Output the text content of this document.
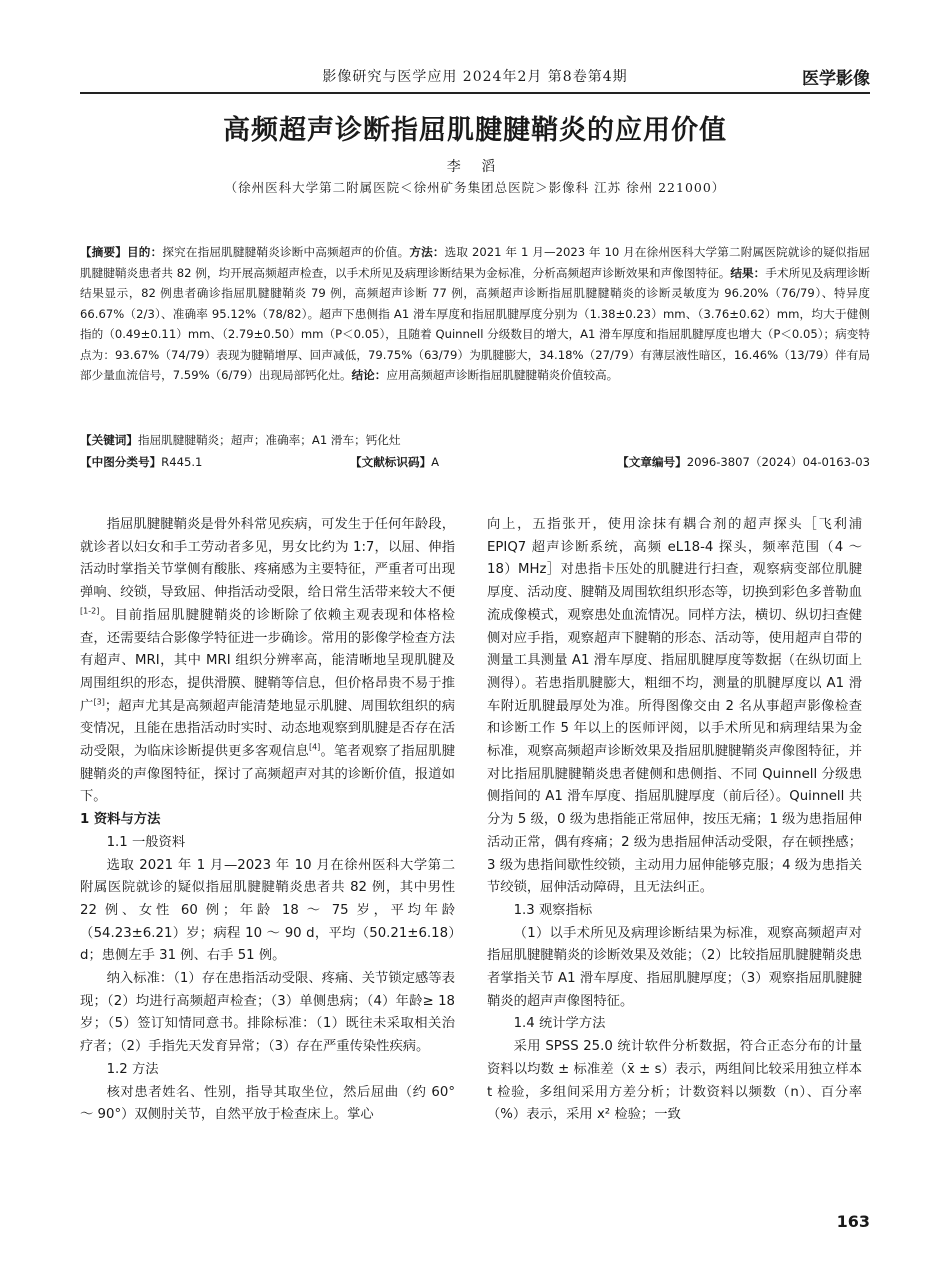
影像研究与医学应用 2024年2月 第8卷第4期	医学影像
高频超声诊断指屈肌腱腱鞘炎的应用价值
李 滔
（徐州医科大学第二附属医院＜徐州矿务集团总医院＞影像科 江苏 徐州 221000）
【摘要】目的：探究在指屈肌腱腱鞘炎诊断中高频超声的价值。方法：选取 2021 年 1 月—2023 年 10 月在徐州医科大学第二附属医院就诊的疑似指屈肌腱腱鞘炎患者共 82 例，均开展高频超声检查，以手术所见及病理诊断结果为金标准，分析高频超声诊断效果和声像图特征。结果：手术所见及病理诊断结果显示，82 例患者确诊指屈肌腱腱鞘炎 79 例，高频超声诊断 77 例，高频超声诊断指屈肌腱腱鞘炎的诊断灵敏度为 96.20%（76/79）、特异度 66.67%（2/3）、准确率 95.12%（78/82）。超声下患侧指 A1 滑车厚度和指屈肌腱厚度分别为（1.38±0.23）mm、（3.76±0.62）mm，均大于健侧指的（0.49±0.11）mm、（2.79±0.50）mm（P＜0.05），且随着 Quinnell 分级数目的增大，A1 滑车厚度和指屈肌腱厚度也增大（P＜0.05）；病变特点为：93.67%（74/79）表现为腱鞘增厚、回声减低，79.75%（63/79）为肌腱膨大，34.18%（27/79）有薄层液性暗区，16.46%（13/79）伴有局部少量血流信号，7.59%（6/79）出现局部钙化灶。结论：应用高频超声诊断指屈肌腱腱鞘炎价值较高。
【关键词】指屈肌腱腱鞘炎；超声；准确率；A1 滑车；钙化灶
【中图分类号】R445.1	【文献标识码】A	【文章编号】2096-3807（2024）04-0163-03

指屈肌腱腱鞘炎是骨外科常见疾病，可发生于任何年龄段，就诊者以妇女和手工劳动者多见，男女比约为 1:7，以屈、伸指活动时掌指关节掌侧有酸胀、疼痛感为主要特征，严重者可出现弹响、绞锁，导致屈、伸指活动受限，给日常生活带来较大不便[1-2]。目前指屈肌腱腱鞘炎的诊断除了依赖主观表现和体格检查，还需要结合影像学特征进一步确诊。常用的影像学检查方法有超声、MRI，其中 MRI 组织分辨率高，能清晰地呈现肌腱及周围组织的形态，提供滑膜、腱鞘等信息，但价格昂贵不易于推广[3]；超声尤其是高频超声能清楚地显示肌腱、周围软组织的病变情况，且能在患指活动时实时、动态地观察到肌腱是否存在活动受限，为临床诊断提供更多客观信息[4]。笔者观察了指屈肌腱腱鞘炎的声像图特征，探讨了高频超声对其的诊断价值，报道如下。

1 资料与方法

1.1 一般资料

选取 2021 年 1 月—2023 年 10 月在徐州医科大学第二附属医院就诊的疑似指屈肌腱腱鞘炎患者共 82 例，其中男性 22 例、女性 60 例；年龄 18 ～ 75 岁，平均年龄（54.23±6.21）岁；病程 10 ～ 90 d，平均（50.21±6.18）d；患侧左手 31 例、右手 51 例。

纳入标准：（1）存在患指活动受限、疼痛、关节锁定感等表现；（2）均进行高频超声检查；（3）单侧患病；（4）年龄≥ 18 岁；（5）签订知情同意书。排除标准：（1）既往未采取相关治疗者；（2）手指先天发育异常；（3）存在严重传染性疾病。

1.2 方法

核对患者姓名、性别，指导其取坐位，然后屈曲（约 60° ～ 90°）双侧肘关节，自然平放于检查床上。掌心

向上，五指张开，使用涂抹有耦合剂的超声探头［飞利浦 EPIQ7 超声诊断系统，高频 eL18-4 探头，频率范围（4 ～ 18）MHz］对患指卡压处的肌腱进行扫查，观察病变部位肌腱厚度、活动度、腱鞘及周围软组织形态等，切换到彩色多普勒血流成像模式，观察患处血流情况。同样方法，横切、纵切扫查健侧对应手指，观察超声下腱鞘的形态、活动等，使用超声自带的测量工具测量 A1 滑车厚度、指屈肌腱厚度等数据（在纵切面上测得）。若患指肌腱膨大，粗细不均，测量的肌腱厚度以 A1 滑车附近肌腱最厚处为准。所得图像交由 2 名从事超声影像检查和诊断工作 5 年以上的医师评阅，以手术所见和病理结果为金标准，观察高频超声诊断效果及指屈肌腱腱鞘炎声像图特征，并对比指屈肌腱腱鞘炎患者健侧和患侧指、不同 Quinnell 分级患侧指间的 A1 滑车厚度、指屈肌腱厚度（前后径）。Quinnell 共分为 5 级，0 级为患指能正常屈伸，按压无痛；1 级为患指屈伸活动正常，偶有疼痛；2 级为患指屈伸活动受限，存在顿挫感；3 级为患指间歇性绞锁，主动用力屈伸能够克服；4 级为患指关节绞锁，屈伸活动障碍，且无法纠正。

1.3 观察指标

（1）以手术所见及病理诊断结果为标准，观察高频超声对指屈肌腱腱鞘炎的诊断效果及效能；（2）比较指屈肌腱腱鞘炎患者掌指关节 A1 滑车厚度、指屈肌腱厚度；（3）观察指屈肌腱腱鞘炎的超声声像图特征。

1.4 统计学方法

采用 SPSS 25.0 统计软件分析数据，符合正态分布的计量资料以均数 ± 标准差（x̄ ± s）表示，两组间比较采用独立样本 t 检验，多组间采用方差分析；计数资料以频数（n）、百分率（%）表示，采用 x² 检验；一致

163
